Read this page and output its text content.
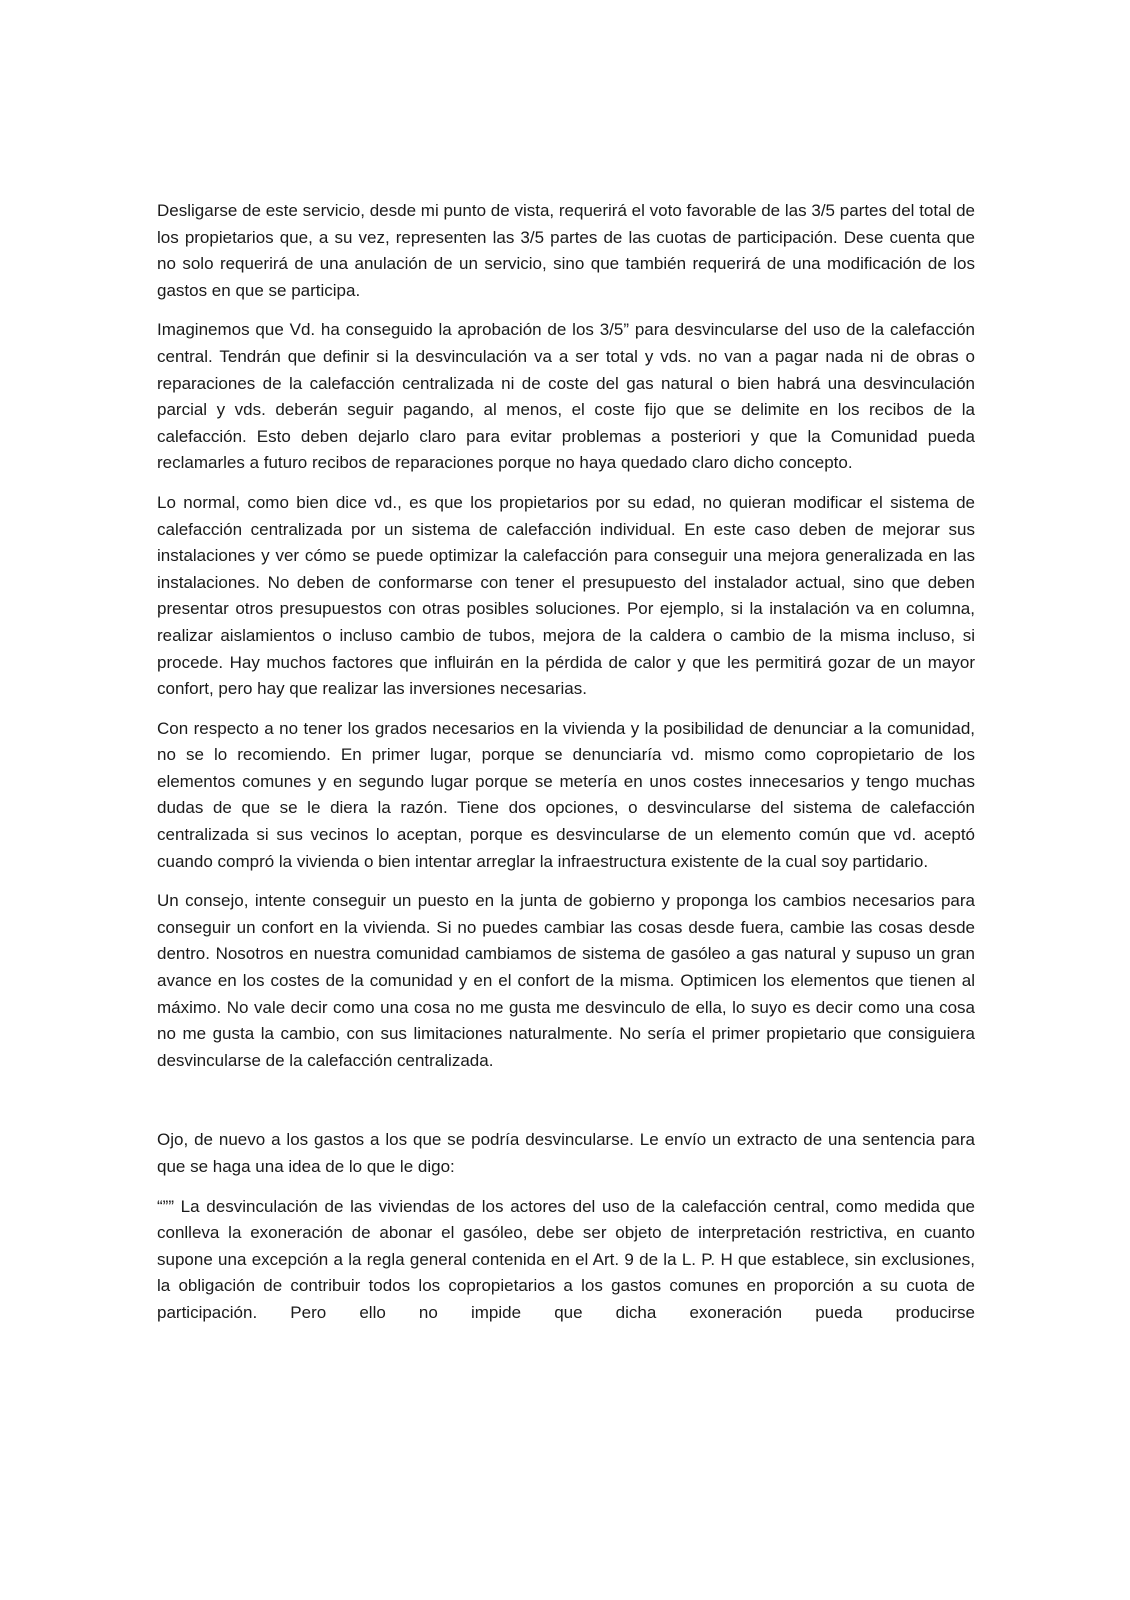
Desligarse de este servicio, desde mi punto de vista, requerirá el voto favorable de las 3/5 partes del total de los propietarios que, a su vez, representen las 3/5 partes de las cuotas de participación. Dese cuenta que no solo requerirá de una anulación de un servicio, sino que también requerirá de una modificación de los gastos en que se participa.

Imaginemos que Vd. ha conseguido la aprobación de los 3/5” para desvincularse del uso de la calefacción central. Tendrán que definir si la desvinculación va a ser total y vds. no van a pagar nada ni de obras o reparaciones de la calefacción centralizada ni de coste del gas natural o bien habrá una desvinculación parcial y vds. deberán seguir pagando, al menos, el coste fijo que se delimite en los recibos de la calefacción. Esto deben dejarlo claro para evitar problemas a posteriori y que la Comunidad pueda reclamarles a futuro recibos de reparaciones porque no haya quedado claro dicho concepto.

Lo normal, como bien dice vd., es que los propietarios por su edad, no quieran modificar el sistema de calefacción centralizada por un sistema de calefacción individual. En este caso deben de mejorar sus instalaciones y ver cómo se puede optimizar la calefacción para conseguir una mejora generalizada en las instalaciones. No deben de conformarse con tener el presupuesto del instalador actual, sino que deben presentar otros presupuestos con otras posibles soluciones. Por ejemplo, si la instalación va en columna, realizar aislamientos o incluso cambio de tubos, mejora de la caldera o cambio de la misma incluso, si procede. Hay muchos factores que influirán en la pérdida de calor y que les permitirá gozar de un mayor confort, pero hay que realizar las inversiones necesarias.

Con respecto a no tener los grados necesarios en la vivienda y la posibilidad de denunciar a la comunidad, no se lo recomiendo. En primer lugar, porque se denunciaría vd. mismo como copropietario de los elementos comunes y en segundo lugar porque se metería en unos costes innecesarios y tengo muchas dudas de que se le diera la razón. Tiene dos opciones, o desvincularse del sistema de calefacción centralizada si sus vecinos lo aceptan, porque es desvincularse de un elemento común que vd. aceptó cuando compró la vivienda o bien intentar arreglar la infraestructura existente de la cual soy partidario.

Un consejo, intente conseguir un puesto en la junta de gobierno y proponga los cambios necesarios para conseguir un confort en la vivienda. Si no puedes cambiar las cosas desde fuera, cambie las cosas desde dentro. Nosotros en nuestra comunidad cambiamos de sistema de gasóleo a gas natural y supuso un gran avance en los costes de la comunidad y en el confort de la misma. Optimicen los elementos que tienen al máximo. No vale decir como una cosa no me gusta me desvinculo de ella, lo suyo es decir como una cosa no me gusta la cambio, con sus limitaciones naturalmente. No sería el primer propietario que consiguiera desvincularse de la calefacción centralizada.

Ojo, de nuevo a los gastos a los que se podría desvincularse. Le envío un extracto de una sentencia para que se haga una idea de lo que le digo:

“”” La desvinculación de las viviendas de los actores del uso de la calefacción central, como medida que conlleva la exoneración de abonar el gasóleo, debe ser objeto de interpretación restrictiva, en cuanto supone una excepción a la regla general contenida en el Art. 9 de la L. P. H que establece, sin exclusiones, la obligación de contribuir todos los copropietarios a los gastos comunes en proporción a su cuota de participación. Pero ello no impide que dicha exoneración pueda producirse
